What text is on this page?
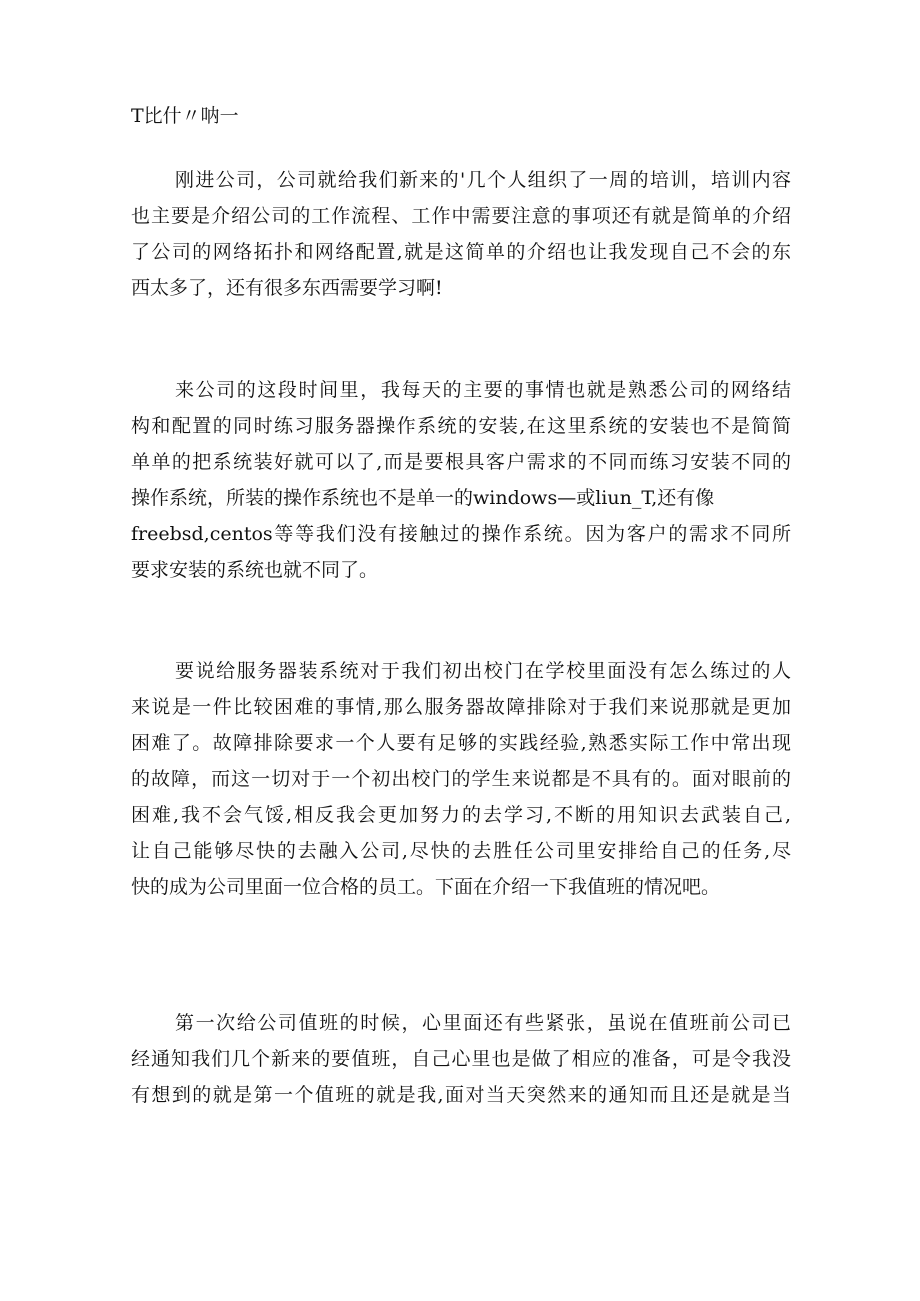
T比什〃呐一
刚进公司，公司就给我们新来的'几个人组织了一周的培训，培训内容
也主要是介绍公司的工作流程、工作中需要注意的事项还有就是简单的介绍
了公司的网络拓扑和网络配置,就是这简单的介绍也让我发现自己不会的东
西太多了，还有很多东西需要学习啊!
来公司的这段时间里，我每天的主要的事情也就是熟悉公司的网络结
构和配置的同时练习服务器操作系统的安装,在这里系统的安装也不是简简
单单的把系统装好就可以了,而是要根具客户需求的不同而练习安装不同的
操作系统，所装的操作系统也不是单一的windows—或liun_T,还有像
freebsd,centos等等我们没有接触过的操作系统。因为客户的需求不同所
要求安装的系统也就不同了。
要说给服务器装系统对于我们初出校门在学校里面没有怎么练过的人
来说是一件比较困难的事情,那么服务器故障排除对于我们来说那就是更加
困难了。故障排除要求一个人要有足够的实践经验,熟悉实际工作中常出现
的故障，而这一切对于一个初出校门的学生来说都是不具有的。面对眼前的
困难,我不会气馁,相反我会更加努力的去学习,不断的用知识去武装自己,
让自己能够尽快的去融入公司,尽快的去胜任公司里安排给自己的任务,尽
快的成为公司里面一位合格的员工。下面在介绍一下我值班的情况吧。
第一次给公司值班的时候，心里面还有些紧张，虽说在值班前公司已
经通知我们几个新来的要值班，自己心里也是做了相应的准备，可是令我没
有想到的就是第一个值班的就是我,面对当天突然来的通知而且还是就是当
